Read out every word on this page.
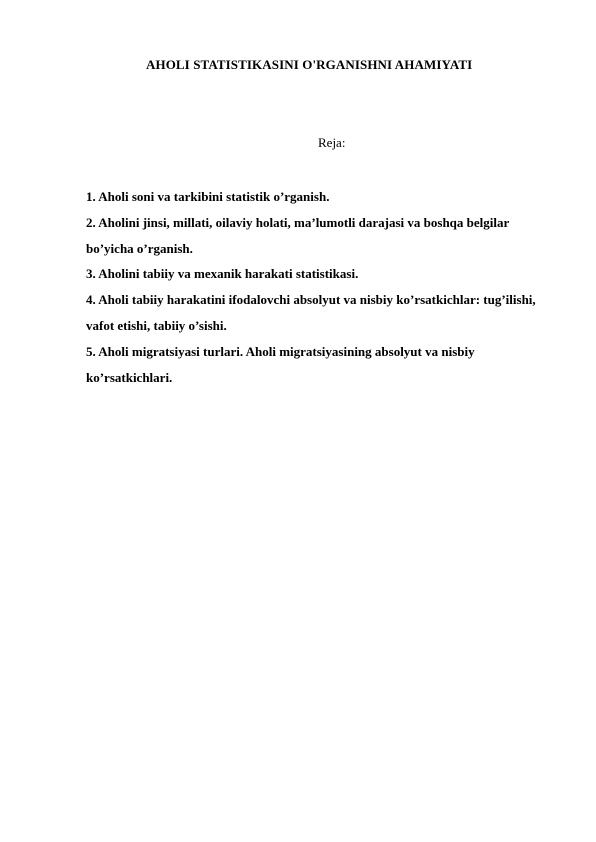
AHOLI STATISTIKASINI O'RGANISHNI AHAMIYATI

Reja:

1. Aholi soni va tarkibini statistik o’rganish.
2. Aholini jinsi, millati, oilaviy holati, ma’lumotli darajasi va boshqa belgilar bo’yicha o’rganish.
3. Aholini tabiiy va mexanik harakati statistikasi.
4. Aholi tabiiy harakatini ifodalovchi absolyut va nisbiy ko’rsatkichlar: tug’ilishi, vafot etishi, tabiiy o’sishi.
5. Aholi migratsiyasi turlari. Aholi migratsiyasining absolyut va nisbiy ko’rsatkichlari.
